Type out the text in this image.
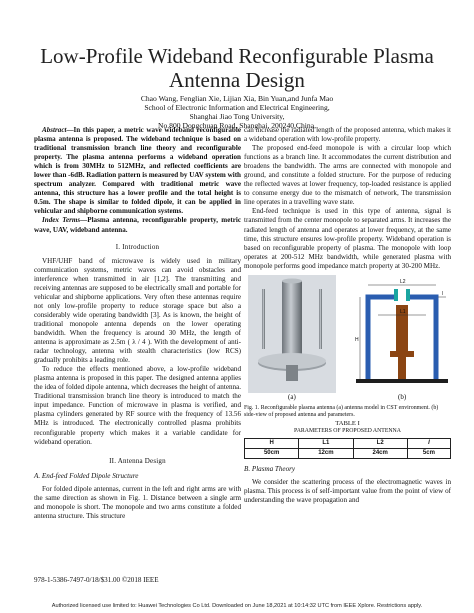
Low-Profile Wideband Reconfigurable Plasma
Antenna Design
Chao Wang, Fenglian Xie, Lijian Xia, Bin Yuan,and Junfa Mao
School of Electronic Information and Electrical Engineering,
Shanghai Jiao Tong University,
No.800 Dongchuan Road, Shanghai, 200240,China,

Abstract—In this paper, a metric wave wideband reconfigurable plasma antenna is proposed. The wideband technique is based on traditional transmission branch line theory and reconfigurable property. The plasma antenna performs a wideband operation which is from 30MHz to 512MHz, and reflected coefficients are lower than -6dB. Radiation pattern is measured by UAV system with spectrum analyzer. Compared with traditional metric wave antenna, this structure has a lower profile and the total height is 0.5m. The shape is similar to folded dipole, it can be applied in vehicular and shipborne communication systems.

Index Terms—Plasma antenna, reconfigurable property, metric wave, UAV, wideband antenna.

I. Introduction

VHF/UHF band of microwave is widely used in military communication systems, metric waves can avoid obstacles and interference when transmitted in air [1,2]. The transmitting and receiving antennas are supposed to be electrically small and portable for vehicular and shipborne applications. Very often these antennas require not only low-profile property to reduce storage space but also a considerably wide operating bandwidth [3]. As is known, the height of traditional monopole antenna depends on the lower operating bandwidth. When the frequency is around 30 MHz, the length of antenna is approximate as 2.5m ( λ / 4 ). With the development of anti-radar technology, antenna with stealth characteristics (low RCS) gradually prohibits a leading role.

To reduce the effects mentioned above, a low-profile wideband plasma antenna is proposed in this paper. The designed antenna applies the idea of folded dipole antenna, which decreases the height of antenna. Traditional transmission branch line theory is introduced to match the input impedance. Function of microwave in plasma is verified, and plasma cylinders generated by RF source with the frequency of 13.56 MHz is introduced. The electronically controlled plasma prohibits reconfigurable property which makes it a variable candidate for wideband operation.

II. Antenna Design
A. End-feed Folded Dipole Structure

For folded dipole antennas, current in the left and right arms are with the same direction as shown in Fig. 1. Distance between a single arm and monopole is short. The monopole and two arms constitute a folded antenna structure. This structure

can increase the radiated length of the proposed antenna, which makes it a wideband operation with low-profile property.

The proposed end-feed monopole is with a circular loop which functions as a branch line. It accommodates the current distribution and broadens the bandwidth. The arms are connected with monopole and ground, and constitute a folded structure. For the purpose of reducing the reflected waves at lower frequency, top-loaded resistance is applied to consume energy due to the mismatch of network, The transmission line operates in a travelling wave state.

End-feed technique is used in this type of antenna, signal is transmitted from the center monopole to separated arms. It increases the radiated length of antenna and operates at lower frequency, at the same time, this structure ensures low-profile property. Wideband operation is based on reconfigurable property of plasma. The monopole with loop operates at 200-512 MHz bandwidth, while generated plasma with monopole performs good impedance match property at 30-200 MHz.

L2
L1
H
l
(a)	(b)
Fig. 1. Reconfigurable plasma antenna (a) antenna model in CST environment. (b) side-view of proposed antenna and parameters.
TABLE I
PARAMETERS OF PROPOSED ANTENNA
H	L1	L2	l
50cm	12cm	24cm	5cm
B. Plasma Theory

We consider the scattering process of the electromagnetic waves in plasma. This process is of self-important value from the point of view of understanding the wave propagation and

978-1-5386-7497-0/18/$31.00 ©2018 IEEE
Authorized licensed use limited to: Huawei Technologies Co Ltd. Downloaded on June 18,2021 at 10:14:32 UTC from IEEE Xplore. Restrictions apply.
